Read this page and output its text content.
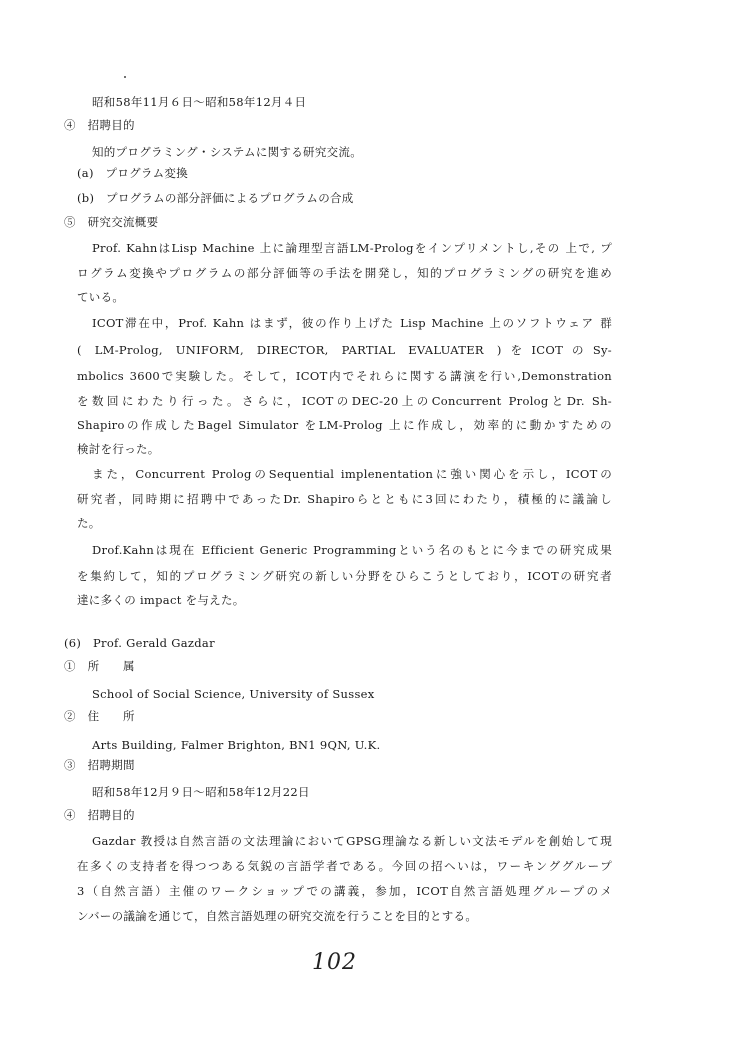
昭和58年11月６日〜昭和58年12月４日
④　招聘目的
知的プログラミング・システムに関する研究交流。
(a)　プログラム変換
(b)　プログラムの部分評価によるプログラムの合成
⑤　研究交流概要
Prof. KahnはLisp Machine 上に論理型言語LM-Prologをインプリメントし,その 上で, プ
ログラム変換やプログラムの部分評価等の手法を開発し，知的プログラミングの研究を進め
ている。
ICOT滞在中，Prof. Kahn はまず，彼の作り上げた Lisp Machine 上のソフトウェア 群
( LM-Prolog, UNIFORM, DIRECTOR, PARTIAL EVALUATER )をICOTのSy-
mbolics 3600で実験した。そして，ICOT内でそれらに関する講演を行い,Demonstration
を数回にわたり行った。さらに，ICOTのDEC-20上のConcurrent PrologとDr. Sh-
Shapiroの作成したBagel Simulator をLM-Prolog 上に作成し，効率的に動かすための
検討を行った。
また，Concurrent PrologのSequential implenentationに強い関心を示し，ICOTの
研究者，同時期に招聘中であったDr. Shapiroらとともに3回にわたり，積極的に議論し
た。
Drof.Kahnは現在 Efficient Generic Programmingという名のもとに今までの研究成果
を集約して，知的プログラミング研究の新しい分野をひらこうとしており，ICOTの研究者
達に多くの impact を与えた。
(6)　Prof. Gerald Gazdar
①　所　　属
School of Social Science, University of Sussex
②　住　　所
Arts Building, Falmer Brighton, BN1 9QN, U.K.
③　招聘期間
昭和58年12月９日〜昭和58年12月22日
④　招聘目的
Gazdar 教授は自然言語の文法理論においてGPSG理論なる新しい文法モデルを創始して現
在多くの支持者を得つつある気鋭の言語学者である。今回の招へいは，ワーキンググループ
3（自然言語）主催のワークショップでの講義，参加，ICOT自然言語処理グループのメ
ンバーの議論を通じて，自然言語処理の研究交流を行うことを目的とする。
102
